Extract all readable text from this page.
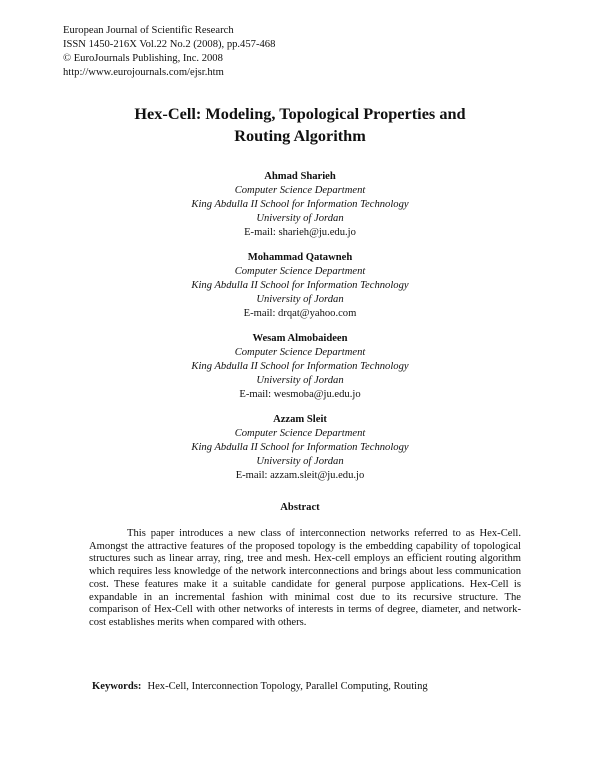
European Journal of Scientific Research
ISSN 1450-216X Vol.22 No.2 (2008), pp.457-468
© EuroJournals Publishing, Inc. 2008
http://www.eurojournals.com/ejsr.htm
Hex-Cell: Modeling, Topological Properties and
Routing Algorithm
Ahmad Sharieh
Computer Science Department
King Abdulla II School for Information Technology
University of Jordan
E-mail: sharieh@ju.edu.jo
Mohammad Qatawneh
Computer Science Department
King Abdulla II School for Information Technology
University of Jordan
E-mail: drqat@yahoo.com
Wesam Almobaideen
Computer Science Department
King Abdulla II School for Information Technology
University of Jordan
E-mail: wesmoba@ju.edu.jo
Azzam Sleit
Computer Science Department
King Abdulla II School for Information Technology
University of Jordan
E-mail: azzam.sleit@ju.edu.jo
Abstract
This paper introduces a new class of interconnection networks referred to as Hex-Cell. Amongst the attractive features of the proposed topology is the embedding capability of topological structures such as linear array, ring, tree and mesh. Hex-cell employs an efficient routing algorithm which requires less knowledge of the network interconnections and brings about less communication cost. These features make it a suitable candidate for general purpose applications. Hex-Cell is expandable in an incremental fashion with minimal cost due to its recursive structure. The comparison of Hex-Cell with other networks of interests in terms of degree, diameter, and network-cost establishes merits when compared with others.
Keywords: Hex-Cell, Interconnection Topology, Parallel Computing, Routing
